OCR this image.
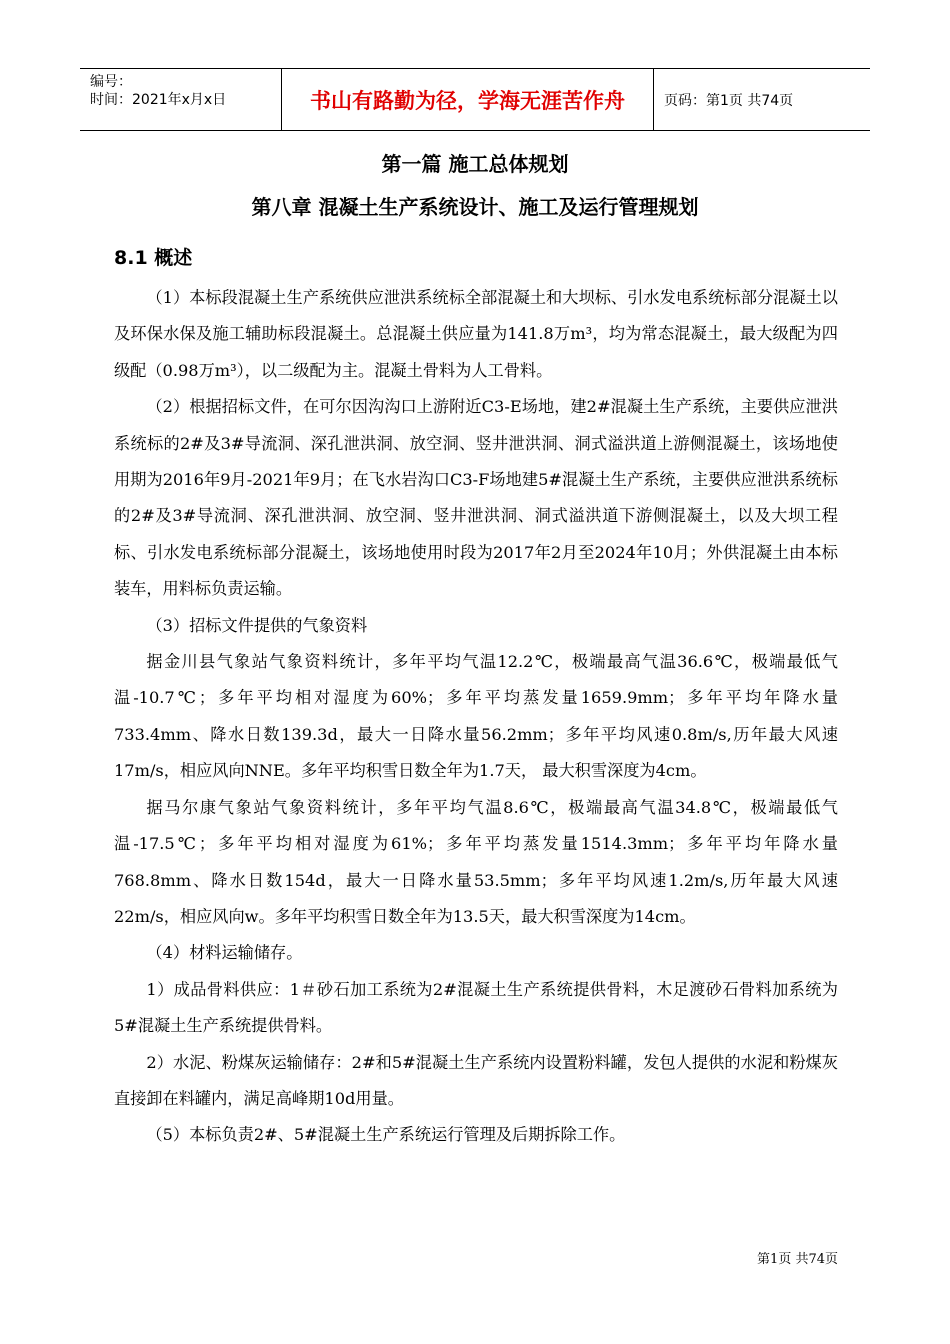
编号：
时间：2021年x月x日	书山有路勤为径，学海无涯苦作舟	页码：第1页 共74页
第一篇 施工总体规划
第八章 混凝土生产系统设计、施工及运行管理规划
8.1 概述

（1）本标段混凝土生产系统供应泄洪系统标全部混凝土和大坝标、引水发电系统标部分混凝土以及环保水保及施工辅助标段混凝土。总混凝土供应量为141.8万m³，均为常态混凝土，最大级配为四级配（0.98万m³），以二级配为主。混凝土骨料为人工骨料。

（2）根据招标文件，在可尔因沟沟口上游附近C3-E场地，建2#混凝土生产系统，主要供应泄洪系统标的2#及3#导流洞、深孔泄洪洞、放空洞、竖井泄洪洞、洞式溢洪道上游侧混凝土，该场地使用期为2016年9月-2021年9月；在飞水岩沟口C3-F场地建5#混凝土生产系统，主要供应泄洪系统标的2#及3#导流洞、深孔泄洪洞、放空洞、竖井泄洪洞、洞式溢洪道下游侧混凝土，以及大坝工程标、引水发电系统标部分混凝土，该场地使用时段为2017年2月至2024年10月；外供混凝土由本标装车，用料标负责运输。

（3）招标文件提供的气象资料

据金川县气象站气象资料统计，多年平均气温12.2℃，极端最高气温36.6℃，极端最低气温-10.7℃；多年平均相对湿度为60%；多年平均蒸发量1659.9mm；多年平均年降水量733.4mm、降水日数139.3d，最大一日降水量56.2mm；多年平均风速0.8m/s,历年最大风速17m/s，相应风向NNE。多年平均积雪日数全年为1.7天， 最大积雪深度为4cm。

据马尔康气象站气象资料统计，多年平均气温8.6℃，极端最高气温34.8℃，极端最低气温-17.5℃；多年平均相对湿度为61%；多年平均蒸发量1514.3mm；多年平均年降水量768.8mm、降水日数154d，最大一日降水量53.5mm；多年平均风速1.2m/s,历年最大风速22m/s，相应风向w。多年平均积雪日数全年为13.5天，最大积雪深度为14cm。

（4）材料运输储存。

1）成品骨料供应：1＃砂石加工系统为2#混凝土生产系统提供骨料，木足渡砂石骨料加系统为5#混凝土生产系统提供骨料。

2）水泥、粉煤灰运输储存：2#和5#混凝土生产系统内设置粉料罐，发包人提供的水泥和粉煤灰直接卸在料罐内，满足高峰期10d用量。

（5）本标负责2#、5#混凝土生产系统运行管理及后期拆除工作。

第1页 共74页
